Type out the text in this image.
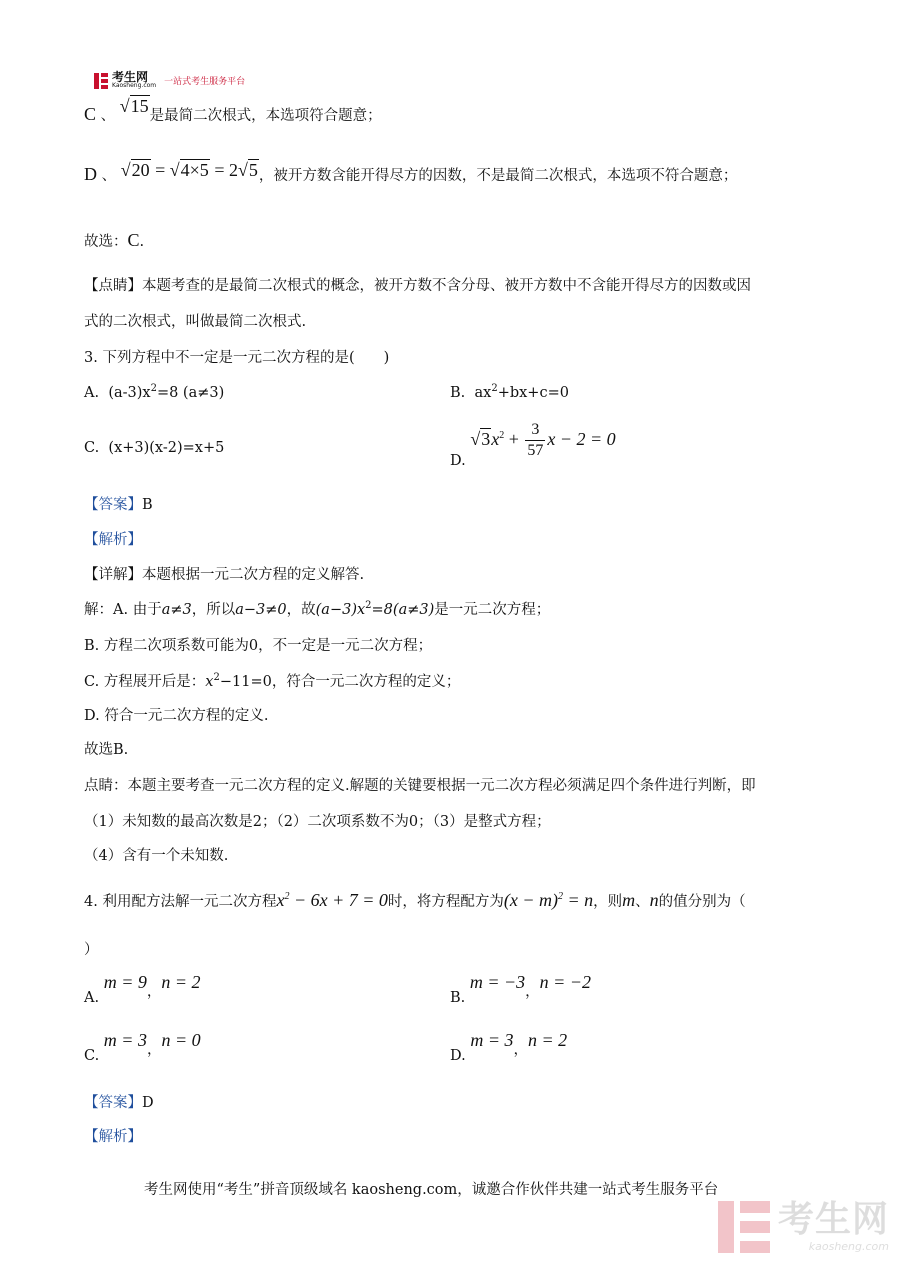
考生网
Kaosheng.com 一站式考生服务平台
C 、 √15是最简二次根式，本选项符合题意；
D 、 √20 = √4×5 = 2√5，被开方数含能开得尽方的因数，不是最简二次根式，本选项不符合题意；
故选：C.
【点睛】本题考查的是最简二次根式的概念，被开方数不含分母、被开方数中不含能开得尽方的因数或因
式的二次根式，叫做最简二次根式.
3. 下列方程中不一定是一元二次方程的是(　　)
A. $(a-3)x^2=8$ (a≠3)	B. $ax^2+bx+c=0$
C. (x+3)(x-2)=x+5
D. $√3x^2 + \frac{3}{57}$ x − 2 = 0
【答案】B
【解析】
【详解】本题根据一元二次方程的定义解答.
解：A. 由于a≠3，所以a−3≠0，故$(a-3)x^2=8(a\ne 3)$是一元二次方程；
B. 方程二次项系数可能为0，不一定是一元二次方程；
C. 方程展开后是：$x^2-11=0$，符合一元二次方程的定义；
D. 符合一元二次方程的定义.
故选B.
点睛：本题主要考查一元二次方程的定义.解题的关键要根据一元二次方程必须满足四个条件进行判断，即
（1）未知数的最高次数是2；（2）二次项系数不为0；（3）是整式方程；
（4）含有一个未知数.
4. 利用配方法解一元二次方程$x^2 - 6x + 7 = 0$时，将方程配方为$(x - m)^2 = n$，则m、n的值分别为（
）
A. m = 9，n = 2
B. m = −3，n = −2
C. m = 3，n = 0
D. m = 3，n = 2
【答案】D
【解析】
考生网使用“考生”拼音顶级域名 kaosheng.com，诚邀合作伙伴共建一站式考生服务平台
考生网
kaosheng.com
